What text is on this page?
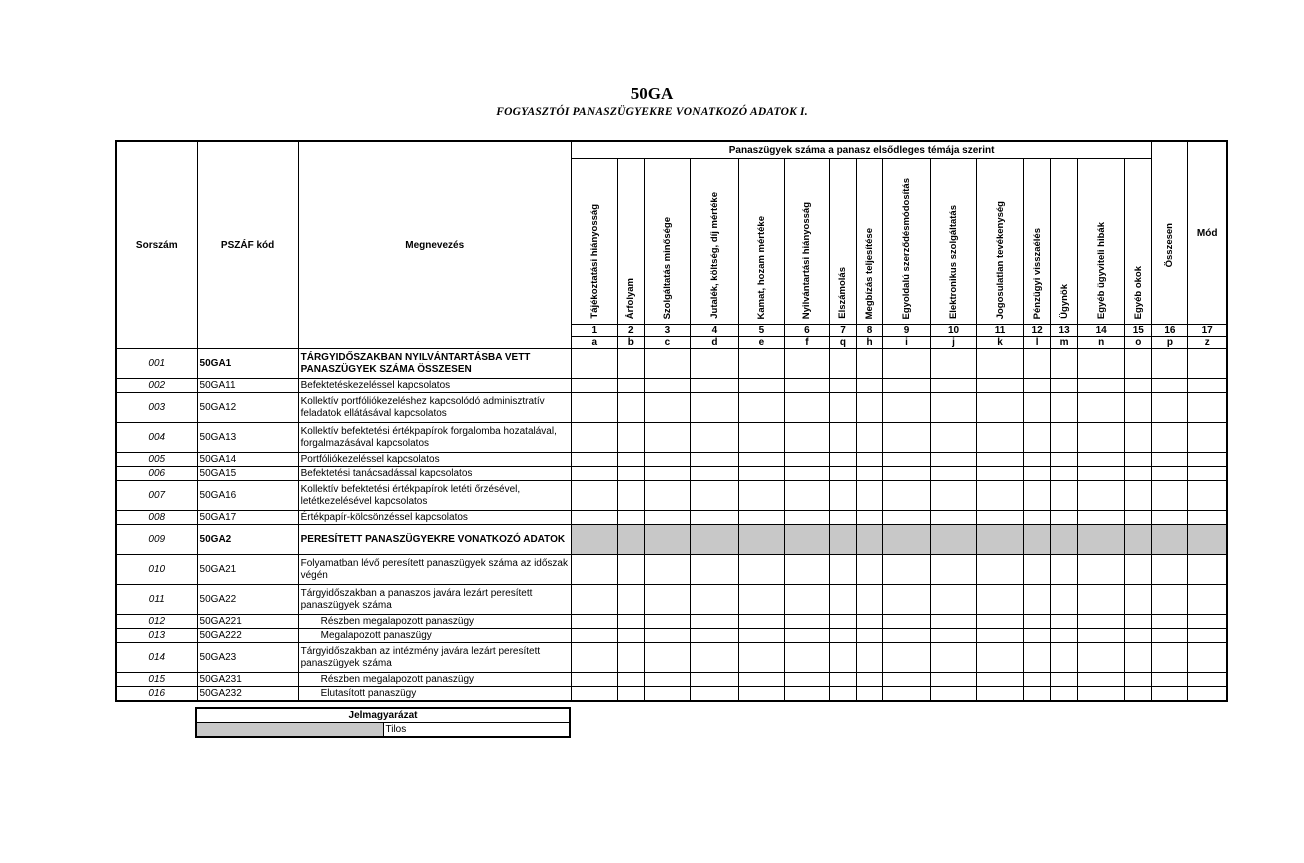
50GA
FOGYASZTÓI PANASZÜGYEKRE VONATKOZÓ ADATOK I.
Sorszám	PSZÁF kód	Megnevezés	Panaszügyek száma a panasz elsődleges témája szerint															Összesen	Mód
			Tájékoztatási hiányosság	Árfolyam	Szolgáltatás minősége	Jutalék, költség, díj mértéke	Kamat, hozam mértéke	Nyilvántartási hiányosság	Elszámolás	Megbízás teljesítése	Egyoldalú szerződésmódosítás	Elektronikus szolgáltatás	Jogosulatlan tevékenység	Pénzügyi visszaélés	Ügynök	Egyéb ügyviteli hibák	Egyéb okok		
			1	2	3	4	5	6	7	8	9	10	11	12	13	14	15	16	17
			a	b	c	d	e	f	q	h	i	j	k	l	m	n	o	p	z
001	50GA1	TÁRGYIDŐSZAKBAN NYILVÁNTARTÁSBA VETT PANASZÜGYEK SZÁMA ÖSSZESEN																	
002	50GA11	Befektetéskezeléssel kapcsolatos																	
003	50GA12	Kollektív portfóliókezeléshez kapcsolódó adminisztratív feladatok ellátásával kapcsolatos																	
004	50GA13	Kollektív befektetési értékpapírok forgalomba hozatalával, forgalmazásával kapcsolatos																	
005	50GA14	Portfóliókezeléssel kapcsolatos																	
006	50GA15	Befektetési tanácsadással kapcsolatos																	
007	50GA16	Kollektív befektetési értékpapírok letéti őrzésével, letétkezelésével kapcsolatos																	
008	50GA17	Értékpapír-kölcsönzéssel kapcsolatos																	
009	50GA2	PERESÍTETT PANASZÜGYEKRE VONATKOZÓ ADATOK																	
010	50GA21	Folyamatban lévő peresített panaszügyek száma az időszak végén																	
011	50GA22	Tárgyidőszakban a panaszos javára lezárt peresített panaszügyek száma																	
012	50GA221	Részben megalapozott panaszügy																	
013	50GA222	Megalapozott panaszügy																	
014	50GA23	Tárgyidőszakban az intézmény javára lezárt peresített panaszügyek száma																	
015	50GA231	Részben megalapozott panaszügy																	
016	50GA232	Elutasított panaszügy																	
Jelmagyarázat
	Tilos
